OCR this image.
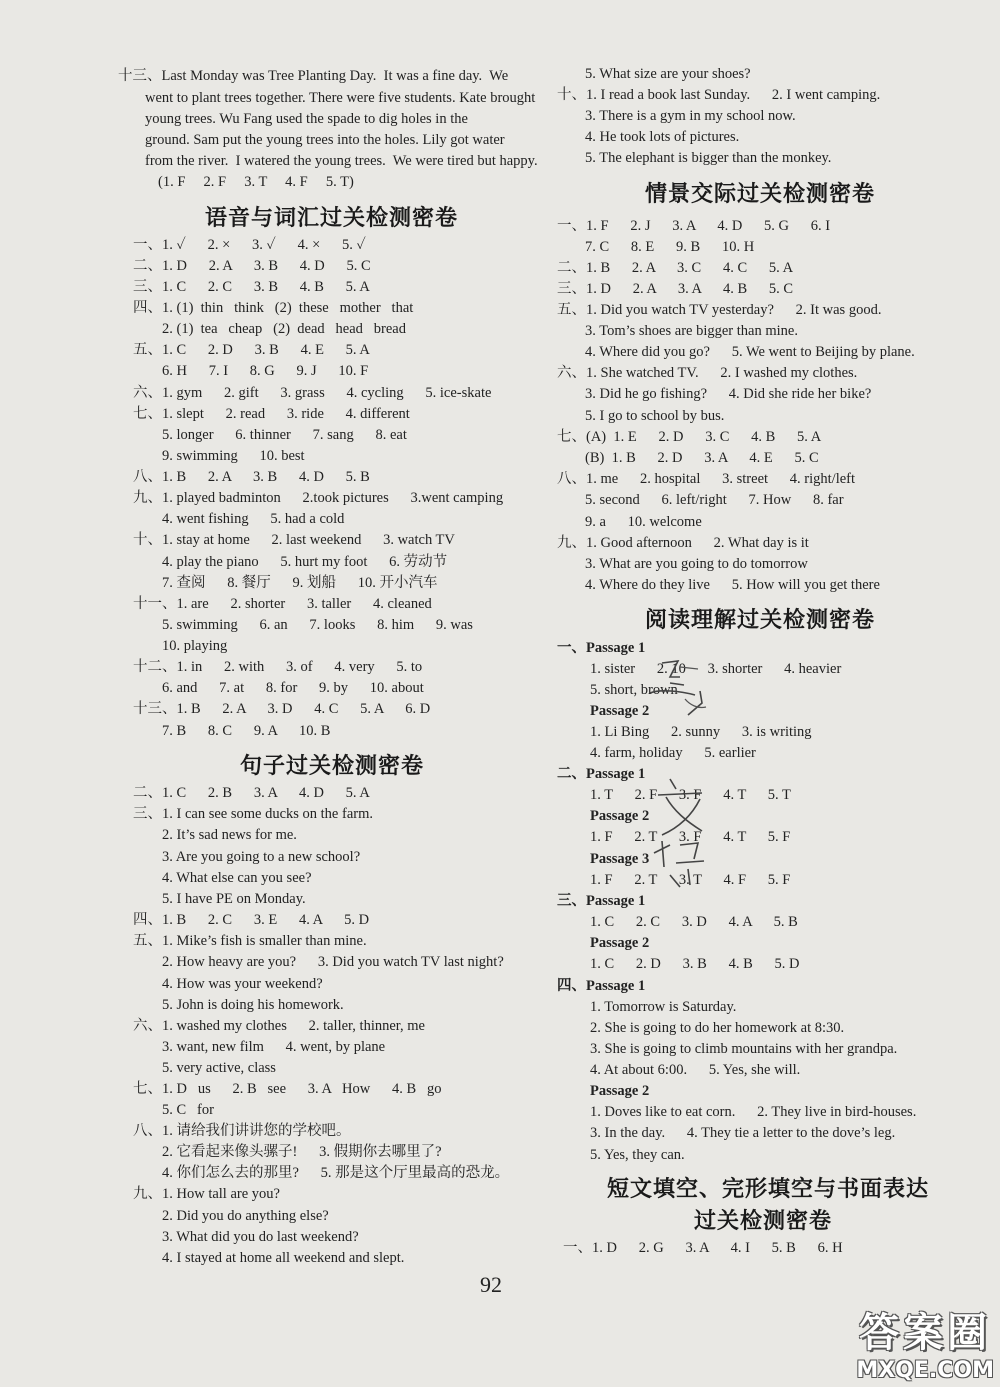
十三、Last Monday was Tree Planting Day.  It was a fine day.  We
went to plant trees together. There were five students. Kate brought
young trees. Wu Fang used the spade to dig holes in the
ground. Sam put the young trees into the holes. Lily got water
from the river.  I watered the young trees.  We were tired but happy.
(1. F     2. F     3. T     4. F     5. T)
语音与词汇过关检测密卷
一、1. ✓      2. ×      3. ✓      4. ×      5. ✓
二、1. D      2. A      3. B      4. D      5. C
三、1. C      2. C      3. B      4. B      5. A
四、1. (1)  thin   think   (2)  these   mother   that
2. (1)  tea   cheap   (2)  dead   head   bread
五、1. C      2. D      3. B      4. E      5. A
6. H      7. I      8. G      9. J      10. F
六、1. gym      2. gift      3. grass      4. cycling      5. ice-skate
七、1. slept      2. read      3. ride      4. different
5. longer      6. thinner      7. sang      8. eat
9. swimming      10. best
八、1. B      2. A      3. B      4. D      5. B
九、1. played badminton      2.took pictures      3.went camping
4. went fishing      5. had a cold
十、1. stay at home      2. last weekend      3. watch TV
4. play the piano      5. hurt my foot      6. 劳动节
7. 查阅      8. 餐厅      9. 划船      10. 开小汽车
十一、1. are      2. shorter      3. taller      4. cleaned
5. swimming      6. an      7. looks      8. him      9. was
10. playing
十二、1. in      2. with      3. of      4. very      5. to
6. and      7. at      8. for      9. by      10. about
十三、1. B      2. A      3. D      4. C      5. A      6. D
7. B      8. C      9. A      10. B
句子过关检测密卷
二、1. C      2. B      3. A      4. D      5. A
三、1. I can see some ducks on the farm.
2. It’s sad news for me.
3. Are you going to a new school?
4. What else can you see?
5. I have PE on Monday.
四、1. B      2. C      3. E      4. A      5. D
五、1. Mike’s fish is smaller than mine.
2. How heavy are you?      3. Did you watch TV last night?
4. How was your weekend?
5. John is doing his homework.
六、1. washed my clothes      2. taller, thinner, me
3. want, new film      4. went, by plane
5. very active, class
七、1. D   us      2. B   see      3. A   How      4. B   go
5. C   for
八、1. 请给我们讲讲您的学校吧。
2. 它看起来像头骡子!      3. 假期你去哪里了?
4. 你们怎么去的那里?      5. 那是这个厅里最高的恐龙。
九、1. How tall are you?
2. Did you do anything else?
3. What did you do last weekend?
4. I stayed at home all weekend and slept.
5. What size are your shoes?
十、1. I read a book last Sunday.      2. I went camping.
3. There is a gym in my school now.
4. He took lots of pictures.
5. The elephant is bigger than the monkey.
情景交际过关检测密卷
一、1. F      2. J      3. A      4. D      5. G      6. I
7. C      8. E      9. B      10. H
二、1. B      2. A      3. C      4. C      5. A
三、1. D      2. A      3. A      4. B      5. C
五、1. Did you watch TV yesterday?      2. It was good.
3. Tom’s shoes are bigger than mine.
4. Where did you go?      5. We went to Beijing by plane.
六、1. She watched TV.      2. I washed my clothes.
3. Did he go fishing?      4. Did she ride her bike?
5. I go to school by bus.
七、(A)  1. E      2. D      3. C      4. B      5. A
(B)  1. B      2. D      3. A      4. E      5. C
八、1. me      2. hospital      3. street      4. right/left
5. second      6. left/right      7. How      8. far
9. a      10. welcome
九、1. Good afternoon      2. What day is it
3. What are you going to do tomorrow
4. Where do they live      5. How will you get there
阅读理解过关检测密卷
一、Passage 1
1. sister      2. 10      3. shorter      4. heavier
5. short, brown
Passage 2
1. Li Bing      2. sunny      3. is writing
4. farm, holiday      5. earlier
二、Passage 1
1. T      2. F      3. F      4. T      5. T
Passage 2
1. F      2. T      3. F      4. T      5. F
Passage 3
1. F      2. T      3. T      4. F      5. F
三、Passage 1
1. C      2. C      3. D      4. A      5. B
Passage 2
1. C      2. D      3. B      4. B      5. D
四、Passage 1
1. Tomorrow is Saturday.
2. She is going to do her homework at 8:30.
3. She is going to climb mountains with her grandpa.
4. At about 6:00.      5. Yes, she will.
Passage 2
1. Doves like to eat corn.      2. They live in bird-houses.
3. In the day.      4. They tie a letter to the dove’s leg.
5. Yes, they can.
短文填空、完形填空与书面表达
过关检测密卷
一、1. D      2. G      3. A      4. I      5. B      6. H
92
答案圈
MXQE.COM
